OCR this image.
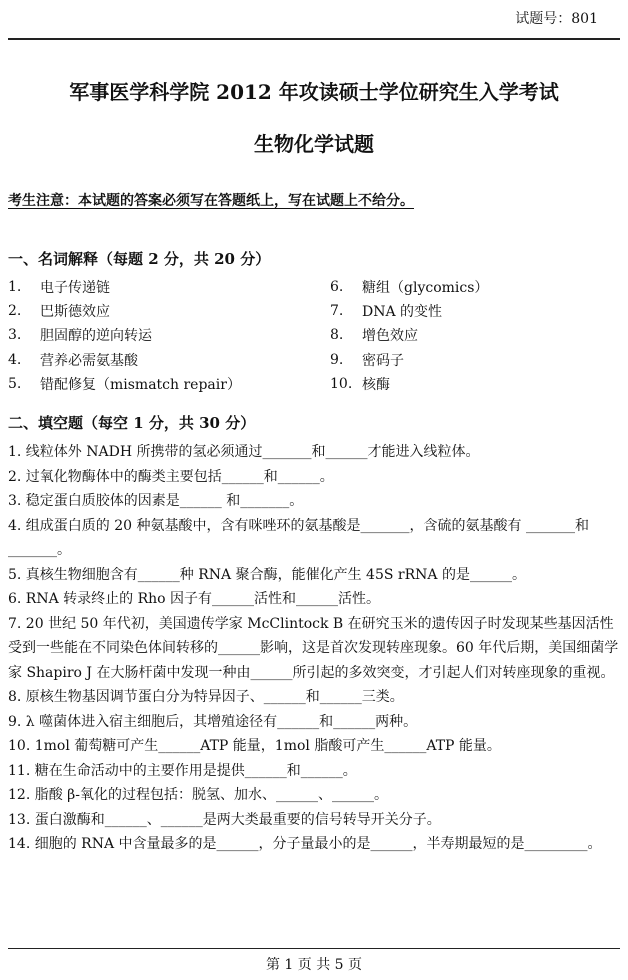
试题号：801
军事医学科学院 2012 年攻读硕士学位研究生入学考试
生物化学试题
考生注意：本试题的答案必须写在答题纸上，写在试题上不给分。
一、名词解释（每题 2 分，共 20 分）
1.	电子传递链	6.	糖组（glycomics）
2.	巴斯德效应	7.	DNA 的变性
3.	胆固醇的逆向转运	8.	增色效应
4.	营养必需氨基酸	9.	密码子
5.	错配修复（mismatch repair）	10. 核酶
二、填空题（每空 1 分，共 30 分）
1. 线粒体外 NADH 所携带的氢必须通过_______和______才能进入线粒体。
2. 过氧化物酶体中的酶类主要包括______和______。
3. 稳定蛋白质胶体的因素是______ 和_______。
4. 组成蛋白质的 20 种氨基酸中，含有咪唑环的氨基酸是_______，含硫的氨基酸有 _______和_______。
5. 真核生物细胞含有______种 RNA 聚合酶，能催化产生 45S rRNA 的是______。
6. RNA 转录终止的 Rho 因子有______活性和______活性。
7. 20 世纪 50 年代初，美国遗传学家 McClintock B 在研究玉米的遗传因子时发现某些基因活性受到一些能在不同染色体间转移的______影响，这是首次发现转座现象。60 年代后期，美国细菌学家 Shapiro J 在大肠杆菌中发现一种由______所引起的多效突变，才引起人们对转座现象的重视。
8. 原核生物基因调节蛋白分为特异因子、______和______三类。
9. λ 噬菌体进入宿主细胞后，其增殖途径有______和______两种。
10. 1mol 葡萄糖可产生______ATP 能量，1mol 脂酸可产生______ATP 能量。
11. 糖在生命活动中的主要作用是提供______和______。
12. 脂酸 β-氧化的过程包括：脱氢、加水、______、______。
13. 蛋白激酶和______、______是两大类最重要的信号转导开关分子。
14. 细胞的 RNA 中含量最多的是______，分子量最小的是______，半寿期最短的是_________。
第 1 页 共 5 页
